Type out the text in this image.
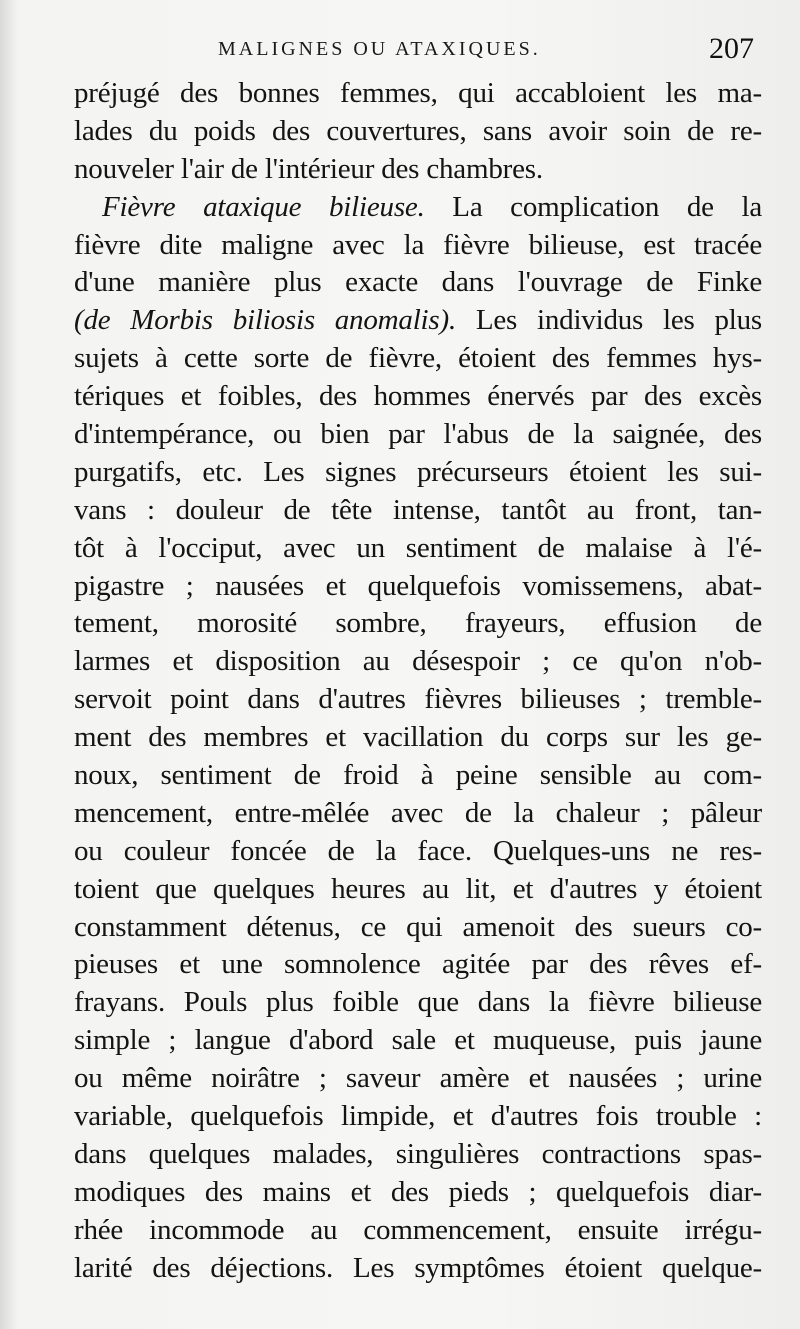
MALIGNES OU ATAXIQUES.	207
préjugé des bonnes femmes, qui accabloient les ma-
lades du poids des couvertures, sans avoir soin de re-
nouveler l'air de l'intérieur des chambres.
Fièvre ataxique bilieuse. La complication de la
fièvre dite maligne avec la fièvre bilieuse, est tracée
d'une manière plus exacte dans l'ouvrage de Finke
(de Morbis biliosis anomalis). Les individus les plus
sujets à cette sorte de fièvre, étoient des femmes hys-
tériques et foibles, des hommes énervés par des excès
d'intempérance, ou bien par l'abus de la saignée, des
purgatifs, etc. Les signes précurseurs étoient les sui-
vans : douleur de tête intense, tantôt au front, tan-
tôt à l'occiput, avec un sentiment de malaise à l'é-
pigastre ; nausées et quelquefois vomissemens, abat-
tement, morosité sombre, frayeurs, effusion de
larmes et disposition au désespoir ; ce qu'on n'ob-
servoit point dans d'autres fièvres bilieuses ; tremble-
ment des membres et vacillation du corps sur les ge-
noux, sentiment de froid à peine sensible au com-
mencement, entre-mêlée avec de la chaleur ; pâleur
ou couleur foncée de la face. Quelques-uns ne res-
toient que quelques heures au lit, et d'autres y étoient
constamment détenus, ce qui amenoit des sueurs co-
pieuses et une somnolence agitée par des rêves ef-
frayans. Pouls plus foible que dans la fièvre bilieuse
simple ; langue d'abord sale et muqueuse, puis jaune
ou même noirâtre ; saveur amère et nausées ; urine
variable, quelquefois limpide, et d'autres fois trouble :
dans quelques malades, singulières contractions spas-
modiques des mains et des pieds ; quelquefois diar-
rhée incommode au commencement, ensuite irrégu-
larité des déjections. Les symptômes étoient quelque-
